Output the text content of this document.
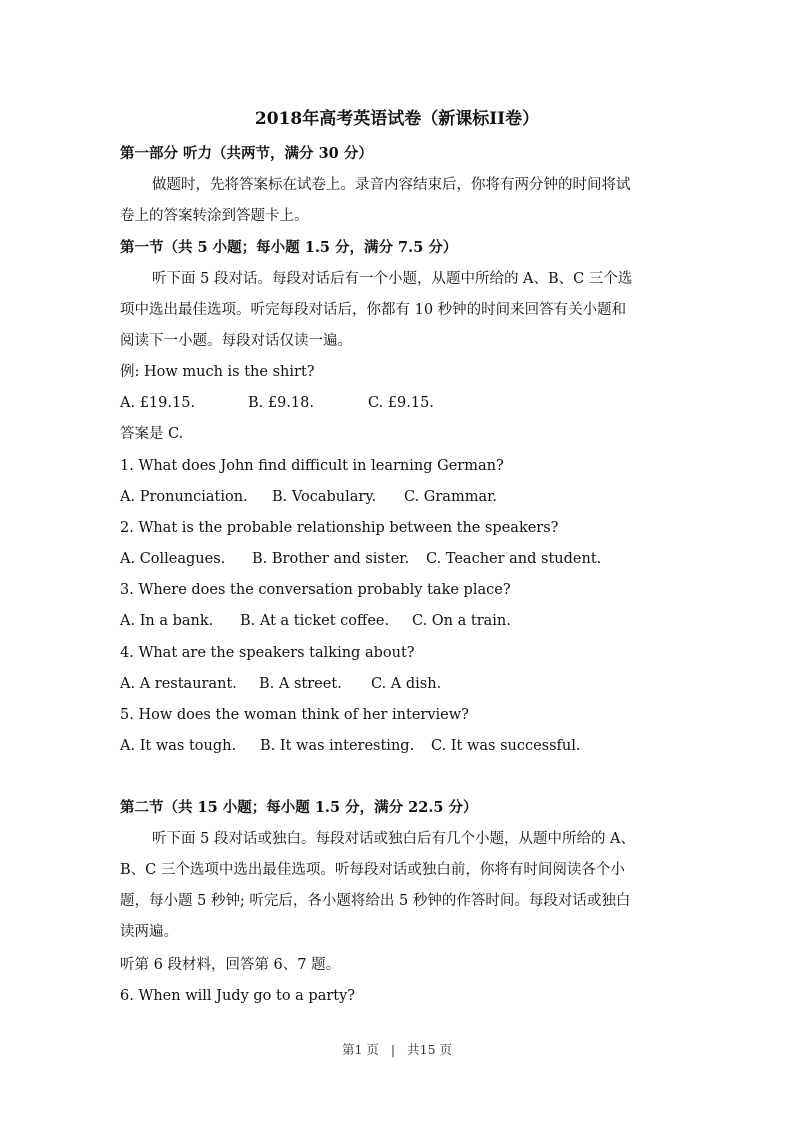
2018年高考英语试卷（新课标II卷）
第一部分 听力（共两节，满分 30 分）
做题时，先将答案标在试卷上。录音内容结束后，你将有两分钟的时间将试
卷上的答案转涂到答题卡上。
第一节（共 5 小题；每小题 1.5 分，满分 7.5 分）
听下面 5 段对话。每段对话后有一个小题，从题中所给的 A、B、C 三个选
项中选出最佳选项。听完每段对话后，你都有 10 秒钟的时间来回答有关小题和
阅读下一小题。每段对话仅读一遍。
例: How much is the shirt?
A. £19.15.	B. £9.18.	C. £9.15.
答案是 C.
1. What does John find difficult in learning German?
A. Pronunciation. B. Vocabulary. C. Grammar.
2. What is the probable relationship between the speakers?
A. Colleagues. B. Brother and sister. C. Teacher and student.
3. Where does the conversation probably take place?
A. In a bank. B. At a ticket coffee. C. On a train.
4. What are the speakers talking about?
A. A restaurant. B. A street. C. A dish.
5. How does the woman think of her interview?
A. It was tough. B. It was interesting. C. It was successful.
第二节（共 15 小题；每小题 1.5 分，满分 22.5 分）
听下面 5 段对话或独白。每段对话或独白后有几个小题，从题中所给的 A、
B、C 三个选项中选出最佳选项。听每段对话或独白前，你将有时间阅读各个小
题，每小题 5 秒钟; 听完后，各小题将给出 5 秒钟的作答时间。每段对话或独白
读两遍。
听第 6 段材料，回答第 6、7 题。
6. When will Judy go to a party?
第1 页 | 共15 页
